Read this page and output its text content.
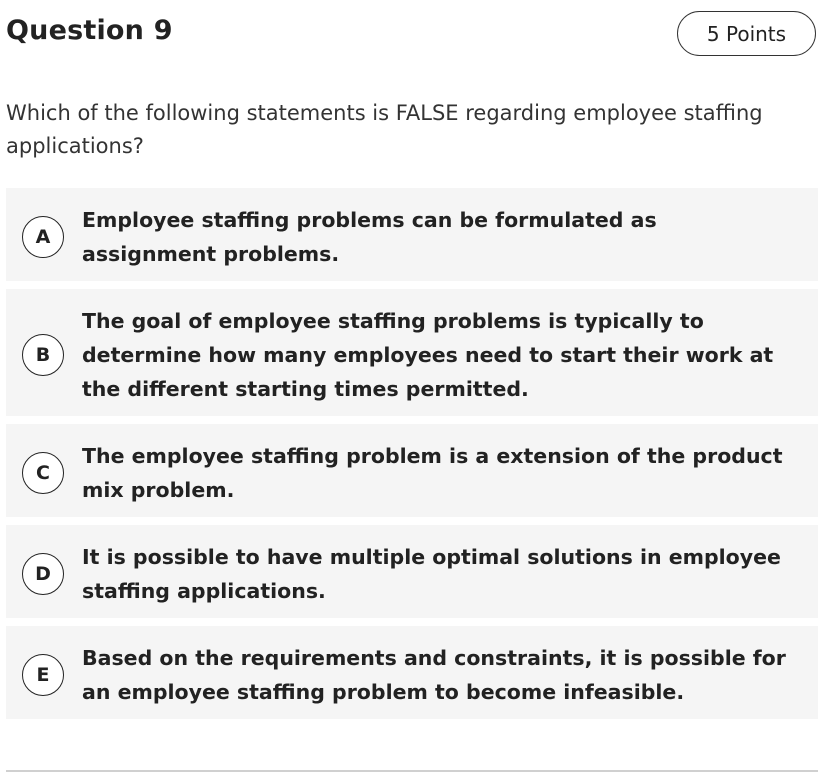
Question 9	5 Points
Which of the following statements is FALSE regarding employee staffing applications?
A
Employee staffing problems can be formulated as assignment problems.
B
The goal of employee staffing problems is typically to determine how many employees need to start their work at the different starting times permitted.
C
The employee staffing problem is a extension of the product mix problem.
D
It is possible to have multiple optimal solutions in employee staffing applications.
E
Based on the requirements and constraints, it is possible for an employee staffing problem to become infeasible.
